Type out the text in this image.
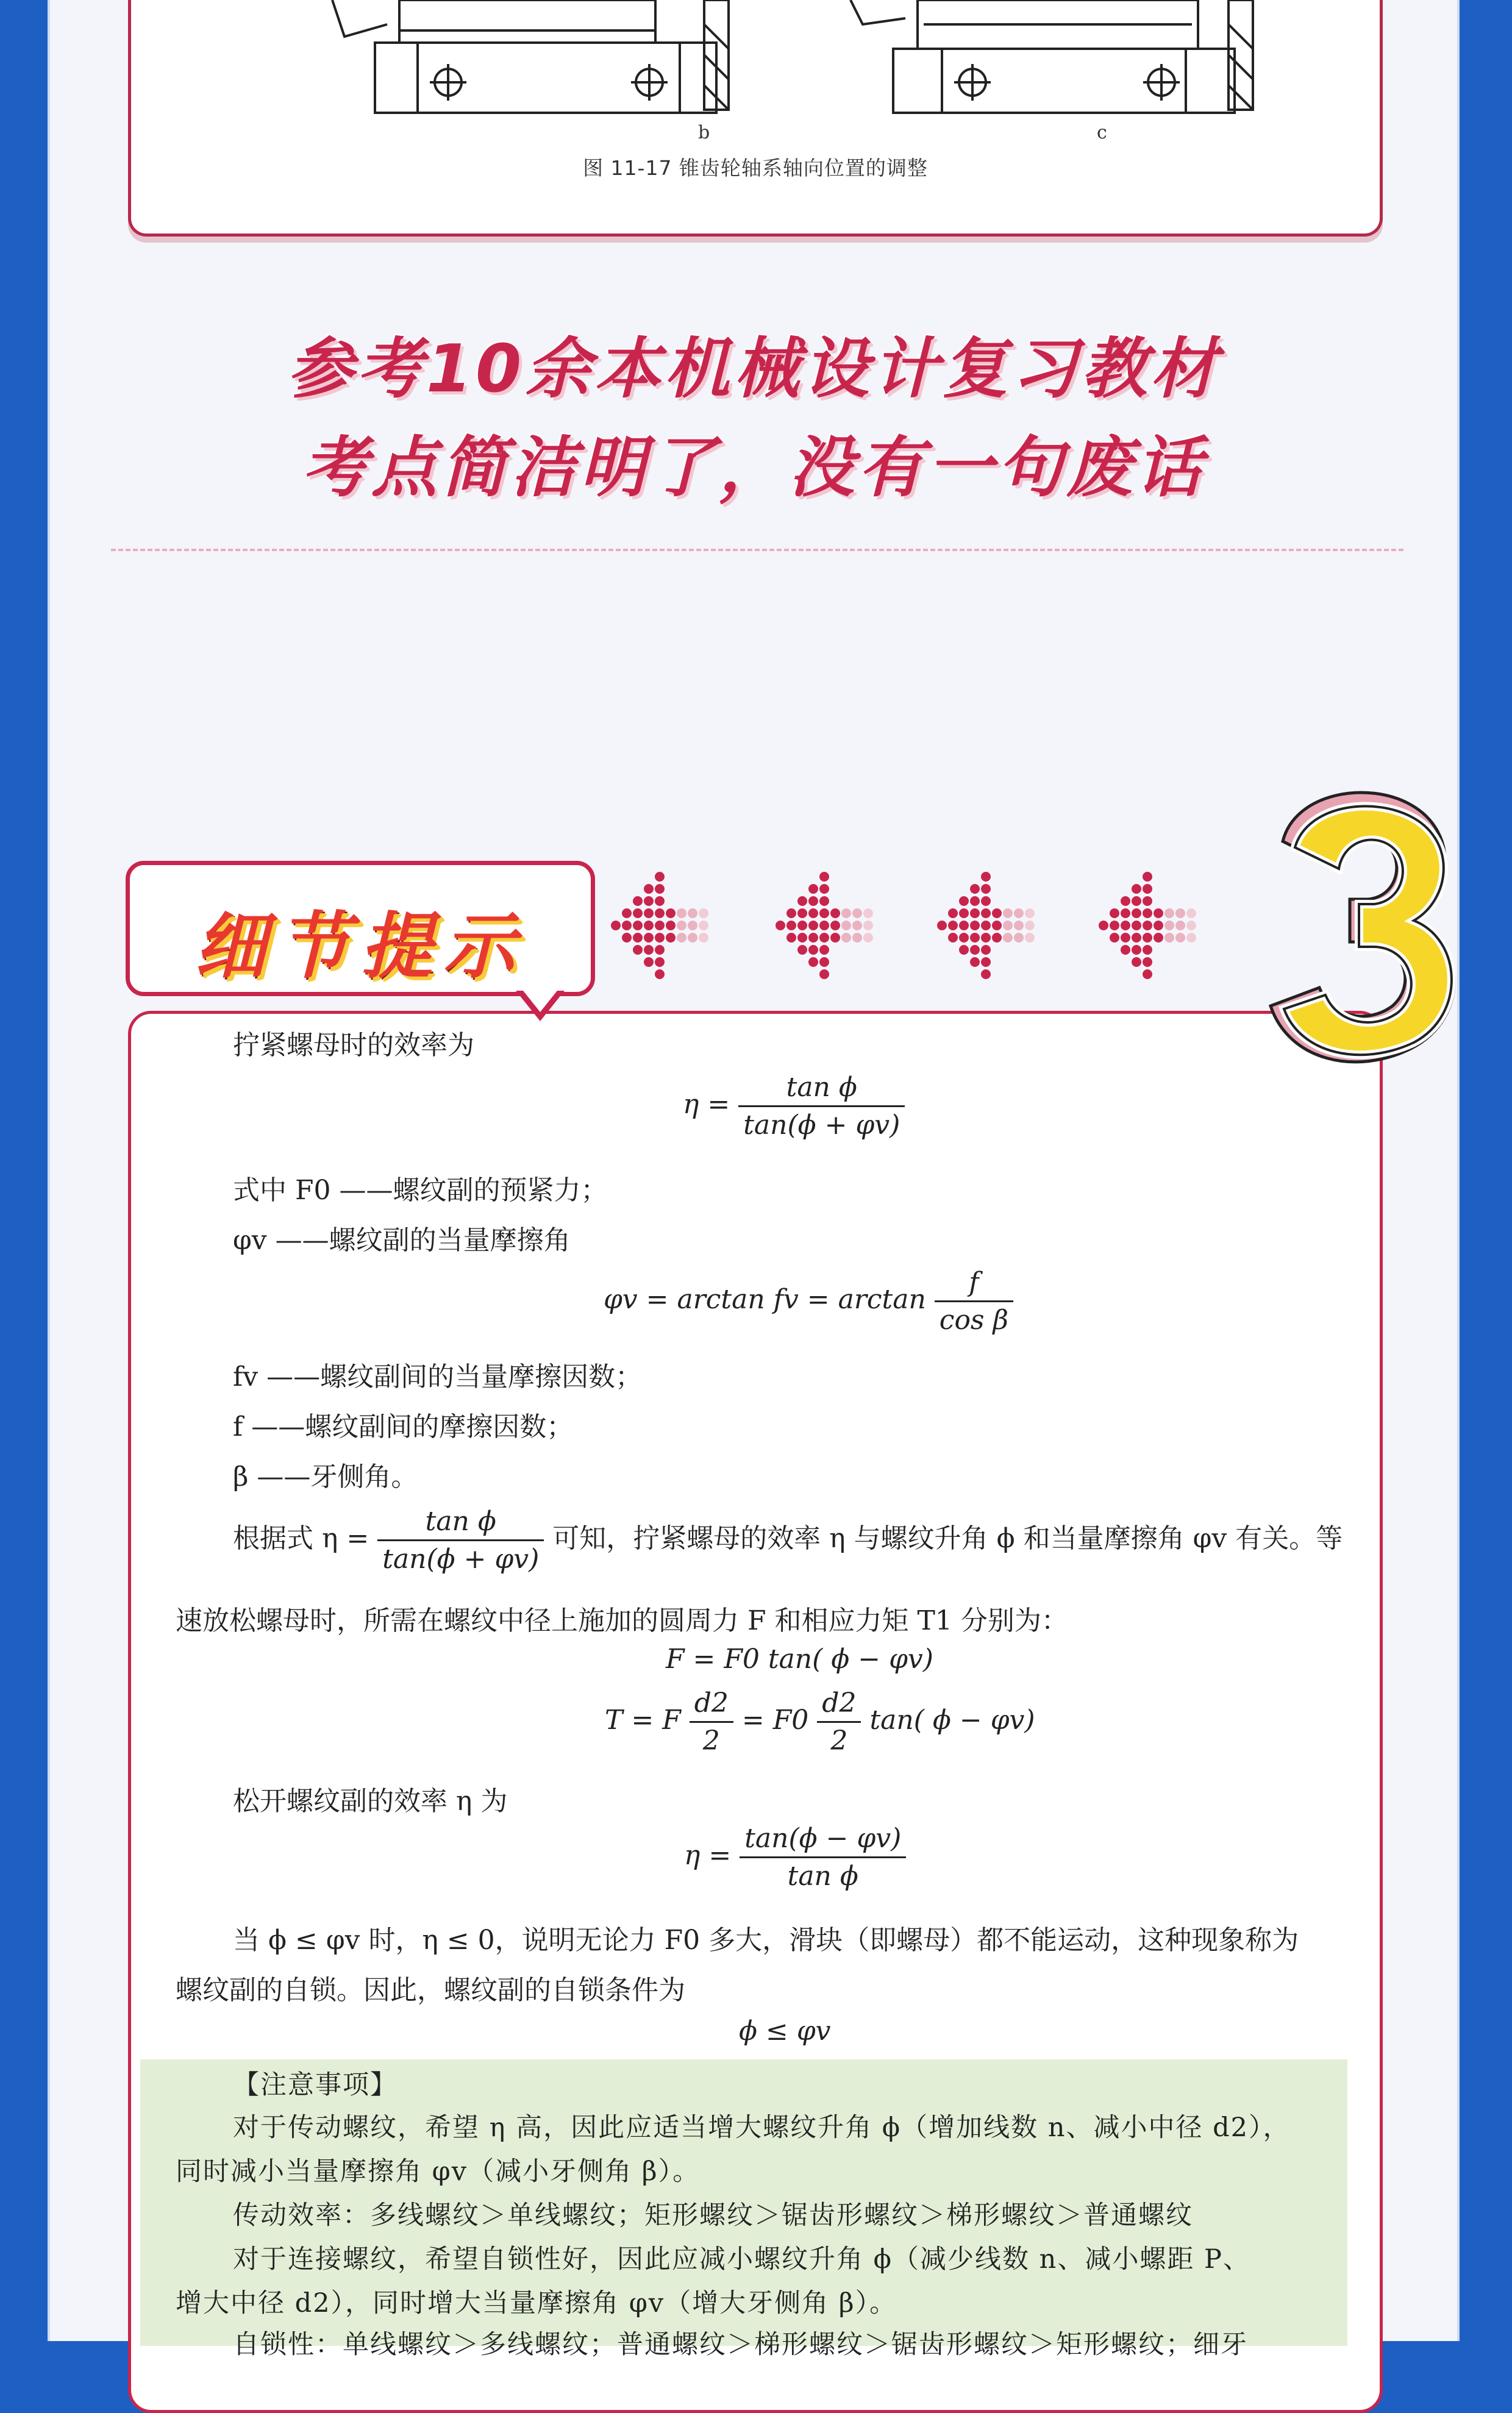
b	c
图 11-17 锥齿轮轴系轴向位置的调整
参考10余本机械设计复习教材
考点简洁明了，没有一句废话
细节提示
拧紧螺母时的效率为
$\eta = \frac{\text{tan ϕ}}{\tan(\phi + \varphi v)}$
式中 F0 ——螺纹副的预紧力；
φv ——螺纹副的当量摩擦角
φv = arctan fv = $\arctan \frac{f}{\text{cos β}}$
fv ——螺纹副间的当量摩擦因数；
f ——螺纹副间的摩擦因数；
β ——牙侧角。
根据式 $\eta = \frac{\text{tan ϕ}}{\tan(\phi + \varphi v)}$ 可知，拧紧螺母的效率 η 与螺纹升角 ϕ 和当量摩擦角 φv 有关。等
速放松螺母时，所需在螺纹中径上施加的圆周力 F 和相应力矩 T1 分别为：
F = F0 tan( ϕ − φv)
T = F $\frac{d2}{2} = F0 \frac{d2}{2} \tan$( ϕ − φv)
松开螺纹副的效率 η 为
$\eta = \frac{\tan(\phi - \varphi v)}{\text{tan ϕ}}$
当 ϕ ≤ φv 时，η ≤ 0，说明无论力 F0 多大，滑块（即螺母）都不能运动，这种现象称为
螺纹副的自锁。因此，螺纹副的自锁条件为
ϕ ≤ φv
【注意事项】
对于传动螺纹，希望 η 高，因此应适当增大螺纹升角 ϕ（增加线数 n、减小中径 d2），
同时减小当量摩擦角 φv（减小牙侧角 β）。
传动效率：多线螺纹＞单线螺纹；矩形螺纹＞锯齿形螺纹＞梯形螺纹＞普通螺纹
对于连接螺纹，希望自锁性好，因此应减小螺纹升角 ϕ（减少线数 n、减小螺距 P、
增大中径 d2），同时增大当量摩擦角 φv（增大牙侧角 β）。
自锁性：单线螺纹＞多线螺纹；普通螺纹＞梯形螺纹＞锯齿形螺纹＞矩形螺纹；细牙
